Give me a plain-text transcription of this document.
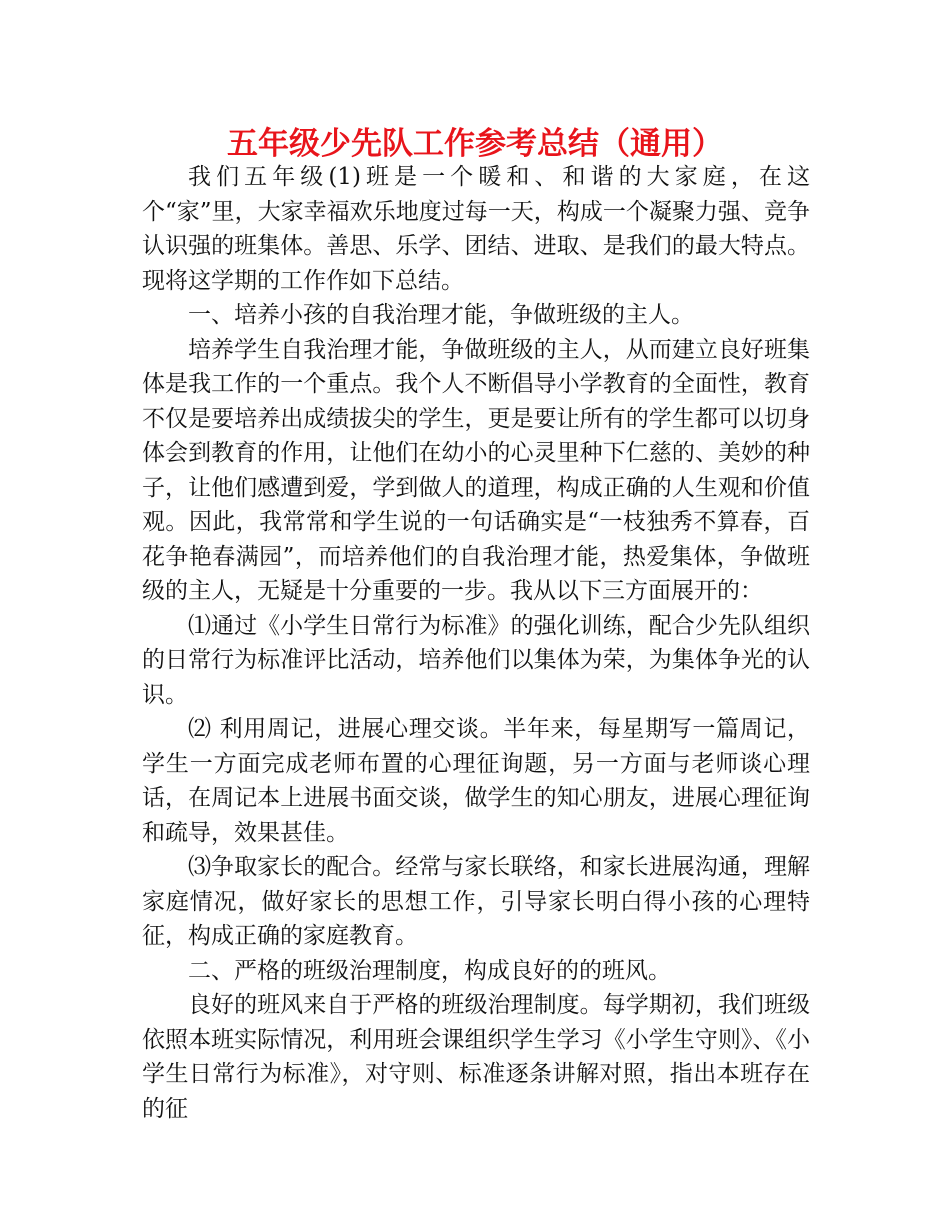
五年级少先队工作参考总结（通用）

我们五年级(1)班是一个暖和、和谐的大家庭，在这个“家”里，大家幸福欢乐地度过每一天，构成一个凝聚力强、竞争认识强的班集体。善思、乐学、团结、进取、是我们的最大特点。现将这学期的工作作如下总结。

一、培养小孩的自我治理才能，争做班级的主人。

培养学生自我治理才能，争做班级的主人，从而建立良好班集体是我工作的一个重点。我个人不断倡导小学教育的全面性，教育不仅是要培养出成绩拔尖的学生，更是要让所有的学生都可以切身体会到教育的作用，让他们在幼小的心灵里种下仁慈的、美妙的种子，让他们感遭到爱，学到做人的道理，构成正确的人生观和价值观。因此，我常常和学生说的一句话确实是“一枝独秀不算春，百花争艳春满园”，而培养他们的自我治理才能，热爱集体，争做班级的主人，无疑是十分重要的一步。我从以下三方面展开的：

⑴通过《小学生日常行为标准》的强化训练，配合少先队组织的日常行为标准评比活动，培养他们以集体为荣，为集体争光的认识。

⑵ 利用周记，进展心理交谈。半年来，每星期写一篇周记，学生一方面完成老师布置的心理征询题，另一方面与老师谈心理话，在周记本上进展书面交谈，做学生的知心朋友，进展心理征询和疏导，效果甚佳。

⑶争取家长的配合。经常与家长联络，和家长进展沟通，理解家庭情况，做好家长的思想工作，引导家长明白得小孩的心理特征，构成正确的家庭教育。

二、严格的班级治理制度，构成良好的的班风。

良好的班风来自于严格的班级治理制度。每学期初，我们班级依照本班实际情况，利用班会课组织学生学习《小学生守则》、《小学生日常行为标准》，对守则、标准逐条讲解对照，指出本班存在的征
